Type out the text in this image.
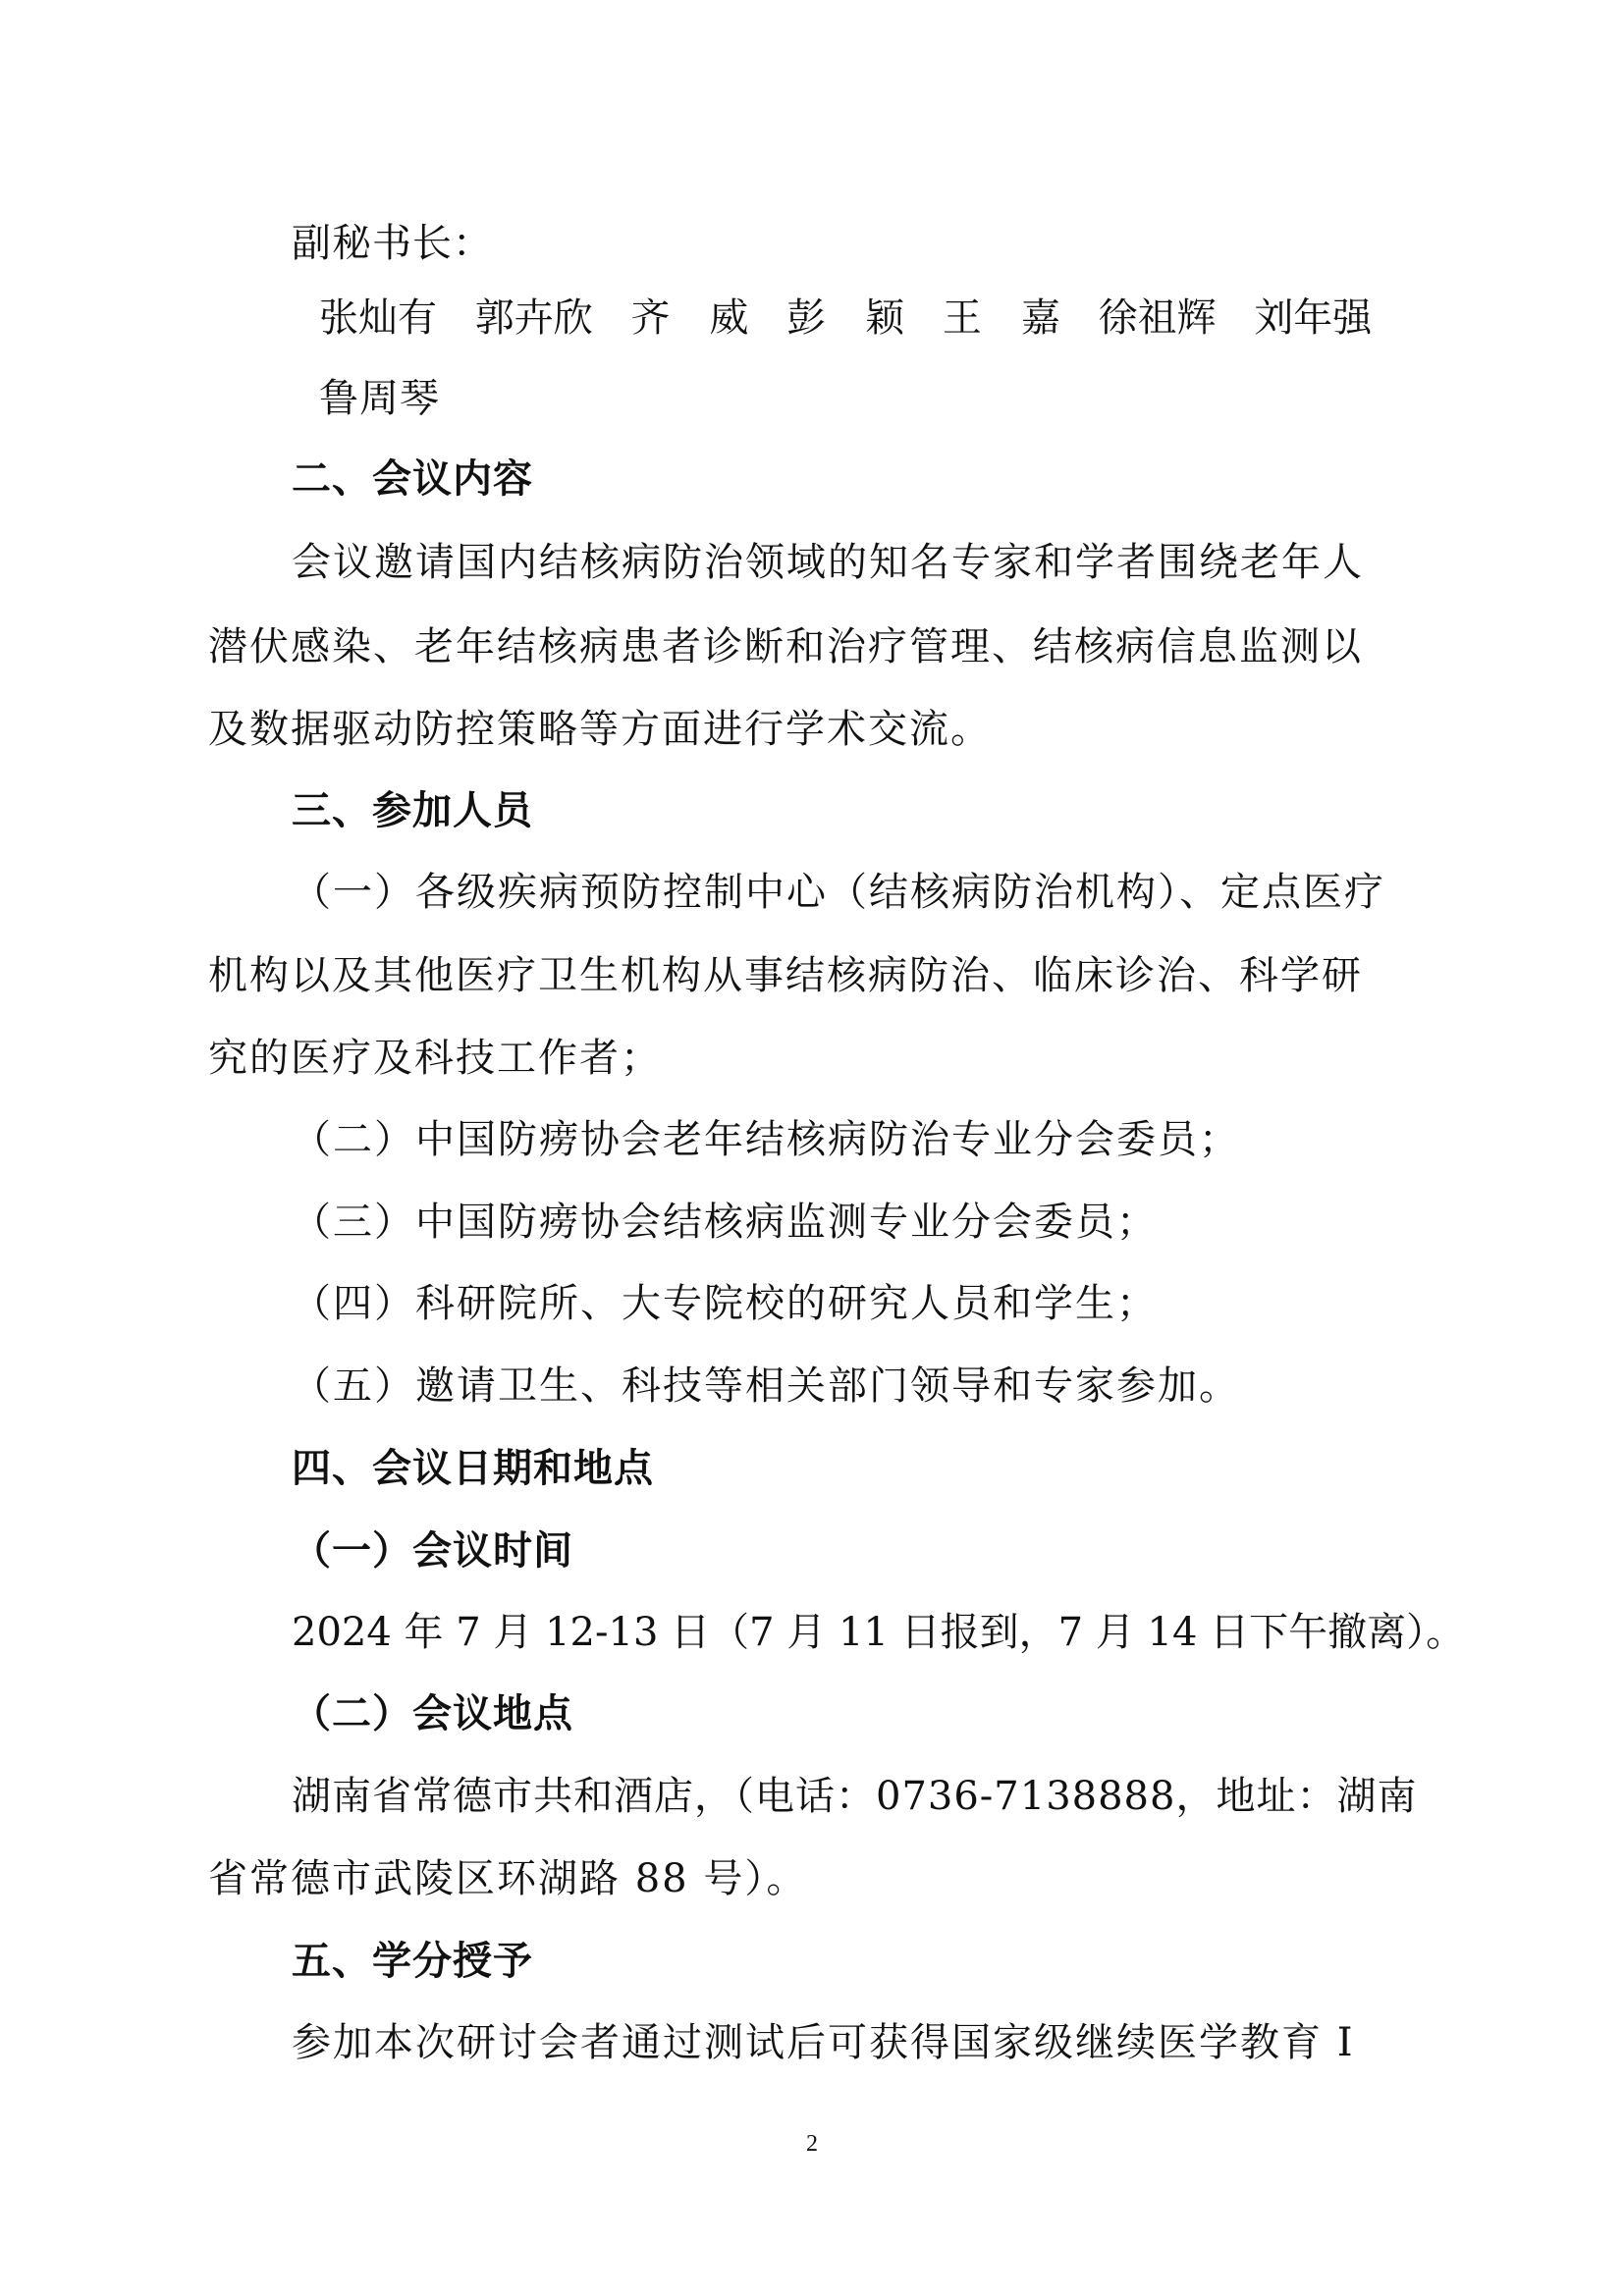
副秘书长：
张灿有 郭卉欣 齐　威 彭　颖 王　嘉 徐祖辉 刘年强
鲁周琴
二、会议内容
会议邀请国内结核病防治领域的知名专家和学者围绕老年人
潜伏感染、老年结核病患者诊断和治疗管理、结核病信息监测以
及数据驱动防控策略等方面进行学术交流。
三、参加人员
（一）各级疾病预防控制中心（结核病防治机构）、定点医疗
机构以及其他医疗卫生机构从事结核病防治、临床诊治、科学研
究的医疗及科技工作者；
（二）中国防痨协会老年结核病防治专业分会委员；
（三）中国防痨协会结核病监测专业分会委员；
（四）科研院所、大专院校的研究人员和学生；
（五）邀请卫生、科技等相关部门领导和专家参加。
四、会议日期和地点
（一）会议时间
2024 年 7 月 12-13 日（7 月 11 日报到，7 月 14 日下午撤离）。
（二）会议地点
湖南省常德市共和酒店，（电话：0736-7138888，地址：湖南
省常德市武陵区环湖路 88 号）。
五、学分授予
参加本次研讨会者通过测试后可获得国家级继续医学教育 I
2
